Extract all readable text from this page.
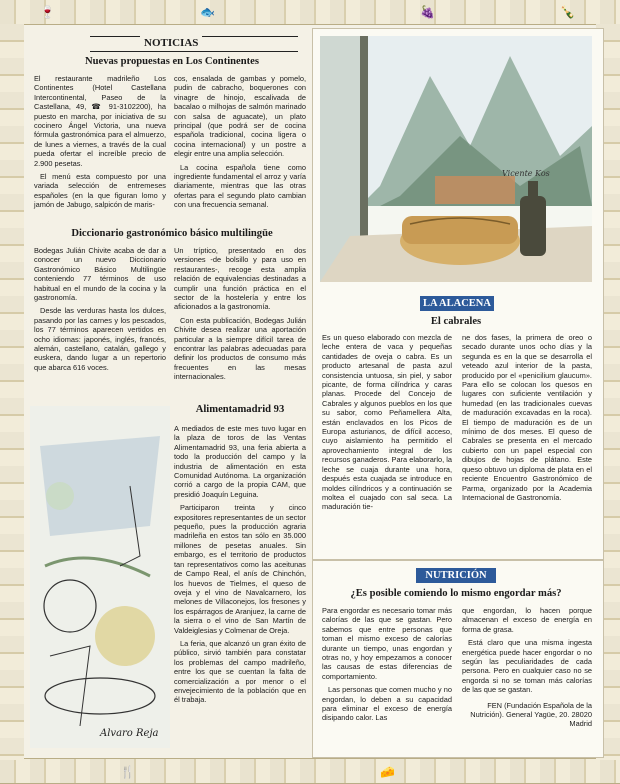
🍷	🐟	🍇	🍾
🍴	🧀
NOTICIAS
Nuevas propuestas en Los Continentes

El restaurante madrileño Los Continentes (Hotel Castellana Intercontinental, Paseo de la Castellana, 49, ☎ 91-3102200), ha puesto en marcha, por iniciativa de su cocinero Ángel Victoria, una nueva fórmula gastronómica para el almuerzo, de lunes a viernes, a través de la cual pueda ofertar el increíble precio de 2.900 pesetas.

El menú esta compuesto por una variada selección de entremeses españoles (en la que figuran lomo y jamón de Jabugo, salpicón de maris-

cos, ensalada de gambas y pomelo, pudin de cabracho, boquerones con vinagre de hinojo, escalivada de bacalao o milhojas de salmón marinado con salsa de aguacate), un plato principal (que podrá ser de cocina española tradicional, cocina ligera o cocina internacional) y un postre a elegir entre una amplia selección.

La cocina española tiene como ingrediente fundamental el arroz y varía diariamente, mientras que las otras ofertas para el segundo plato cambian con una frecuencia semanal.

Diccionario gastronómico básico multilingüe

Bodegas Julián Chivite acaba de dar a conocer un nuevo Diccionario Gastronómico Básico Multilingüe conteniendo 77 términos de uso habitual en el mundo de la cocina y la gastronomía.

Desde las verduras hasta los dulces, pasando por las carnes y los pescados, los 77 términos aparecen vertidos en ocho idiomas: japonés, inglés, francés, alemán, castellano, catalán, gallego y euskera, dando lugar a un repertorio que abarca 616 voces.

Un tríptico, presentado en dos versiones -de bolsillo y para uso en restaurantes-, recoge esta amplia relación de equivalencias destinadas a cumplir una función práctica en el sector de la hostelería y entre los aficionados a la gastronomía.

Con esta publicación, Bodegas Julián Chivite desea realizar una aportación particular a la siempre difícil tarea de encontrar las palabras adecuadas para definir los productos de consumo más frecuentes en las mesas internacionales.

Alvaro Reja
Alimentamadrid 93

A mediados de este mes tuvo lugar en la plaza de toros de las Ventas Alimentamadrid 93, una feria abierta a todo la producción del campo y la industria de alimentación en esta Comunidad Autónoma. La organización corrió a cargo de la propia CAM, que presidió Joaquín Leguina.

Participaron treinta y cinco expositores representantes de un sector pequeño, pues la producción agraria madrileña en estos tan sólo en 35.000 millones de pesetas anuales. Sin embargo, es el territorio de productos tan representativos como las aceitunas de Campo Real, el anís de Chinchón, los huevos de Tielmes, el queso de oveja y el vino de Navalcarnero, los melones de Villaconejos, los fresones y los espárragos de Aranjuez, la carne de la sierra o el vino de San Martín de Valdeiglesias y Colmenar de Oreja.

La feria, que alcanzó un gran éxito de público, sirvió también para constatar los problemas del campo madrileño, entre los que se cuentan la falta de comercialización a por menor o el envejecimiento de la población que en él trabaja.

Vicente Kos
LA ALACENA
El cabrales

Es un queso elaborado con mezcla de leche entera de vaca y pequeñas cantidades de oveja o cabra. Es un producto artesanal de pasta azul consistencia untuosa, sin piel, y sabor picante, de forma cilíndrica y caras planas. Procede del Concejo de Cabrales y algunos pueblos en los que su sabor, como Peñamellera Alta, están enclavados en los Picos de Europa asturianos, de difícil acceso, cuyo aislamiento ha permitido el aprovechamiento integral de los recursos ganaderos. Para elaborarlo, la leche se cuaja durante una hora, después esta cuajada se introduce en moldes cilíndricos y a continuación se moltea el cuajado con sal seca. La maduración tie-

ne dos fases, la primera de oreo o secado durante unos ocho días y la segunda es en la que se desarrolla el veteado azul interior de la pasta, producido por el «penicilium glaucum». Para ello se colocan los quesos en lugares con suficiente ventilación y humedad (en las tradicionales cuevas de maduración excavadas en la roca). El tiempo de maduración es de un mínimo de dos meses. El queso de Cabrales se presenta en el mercado cubierto con un papel especial con dibujos de hojas de plátano. Este queso obtuvo un diploma de plata en el reciente Encuentro Gastronómico de Parma, organizado por la Academia Internacional de Gastronomía.

NUTRICIÓN
¿Es posible comiendo lo mismo engordar más?

Para engordar es necesario tomar más calorías de las que se gastan. Pero sabemos que entre personas que toman el mismo exceso de calorías durante un tiempo, unas engordan y otras no, y hoy empezamos a conocer las causas de estas diferencias de comportamiento.

Las personas que comen mucho y no engordan, lo deben a su capacidad para eliminar el exceso de energía disipando calor. Las

que engordan, lo hacen porque almacenan el exceso de energía en forma de grasa.

Está claro que una misma ingesta energética puede hacer engordar o no según las peculiaridades de cada persona. Pero en cualquier caso no se engorda si no se toman más calorías de las que se gastan.

FEN (Fundación Española de la Nutrición). General Yagüe, 20. 28020 Madrid
